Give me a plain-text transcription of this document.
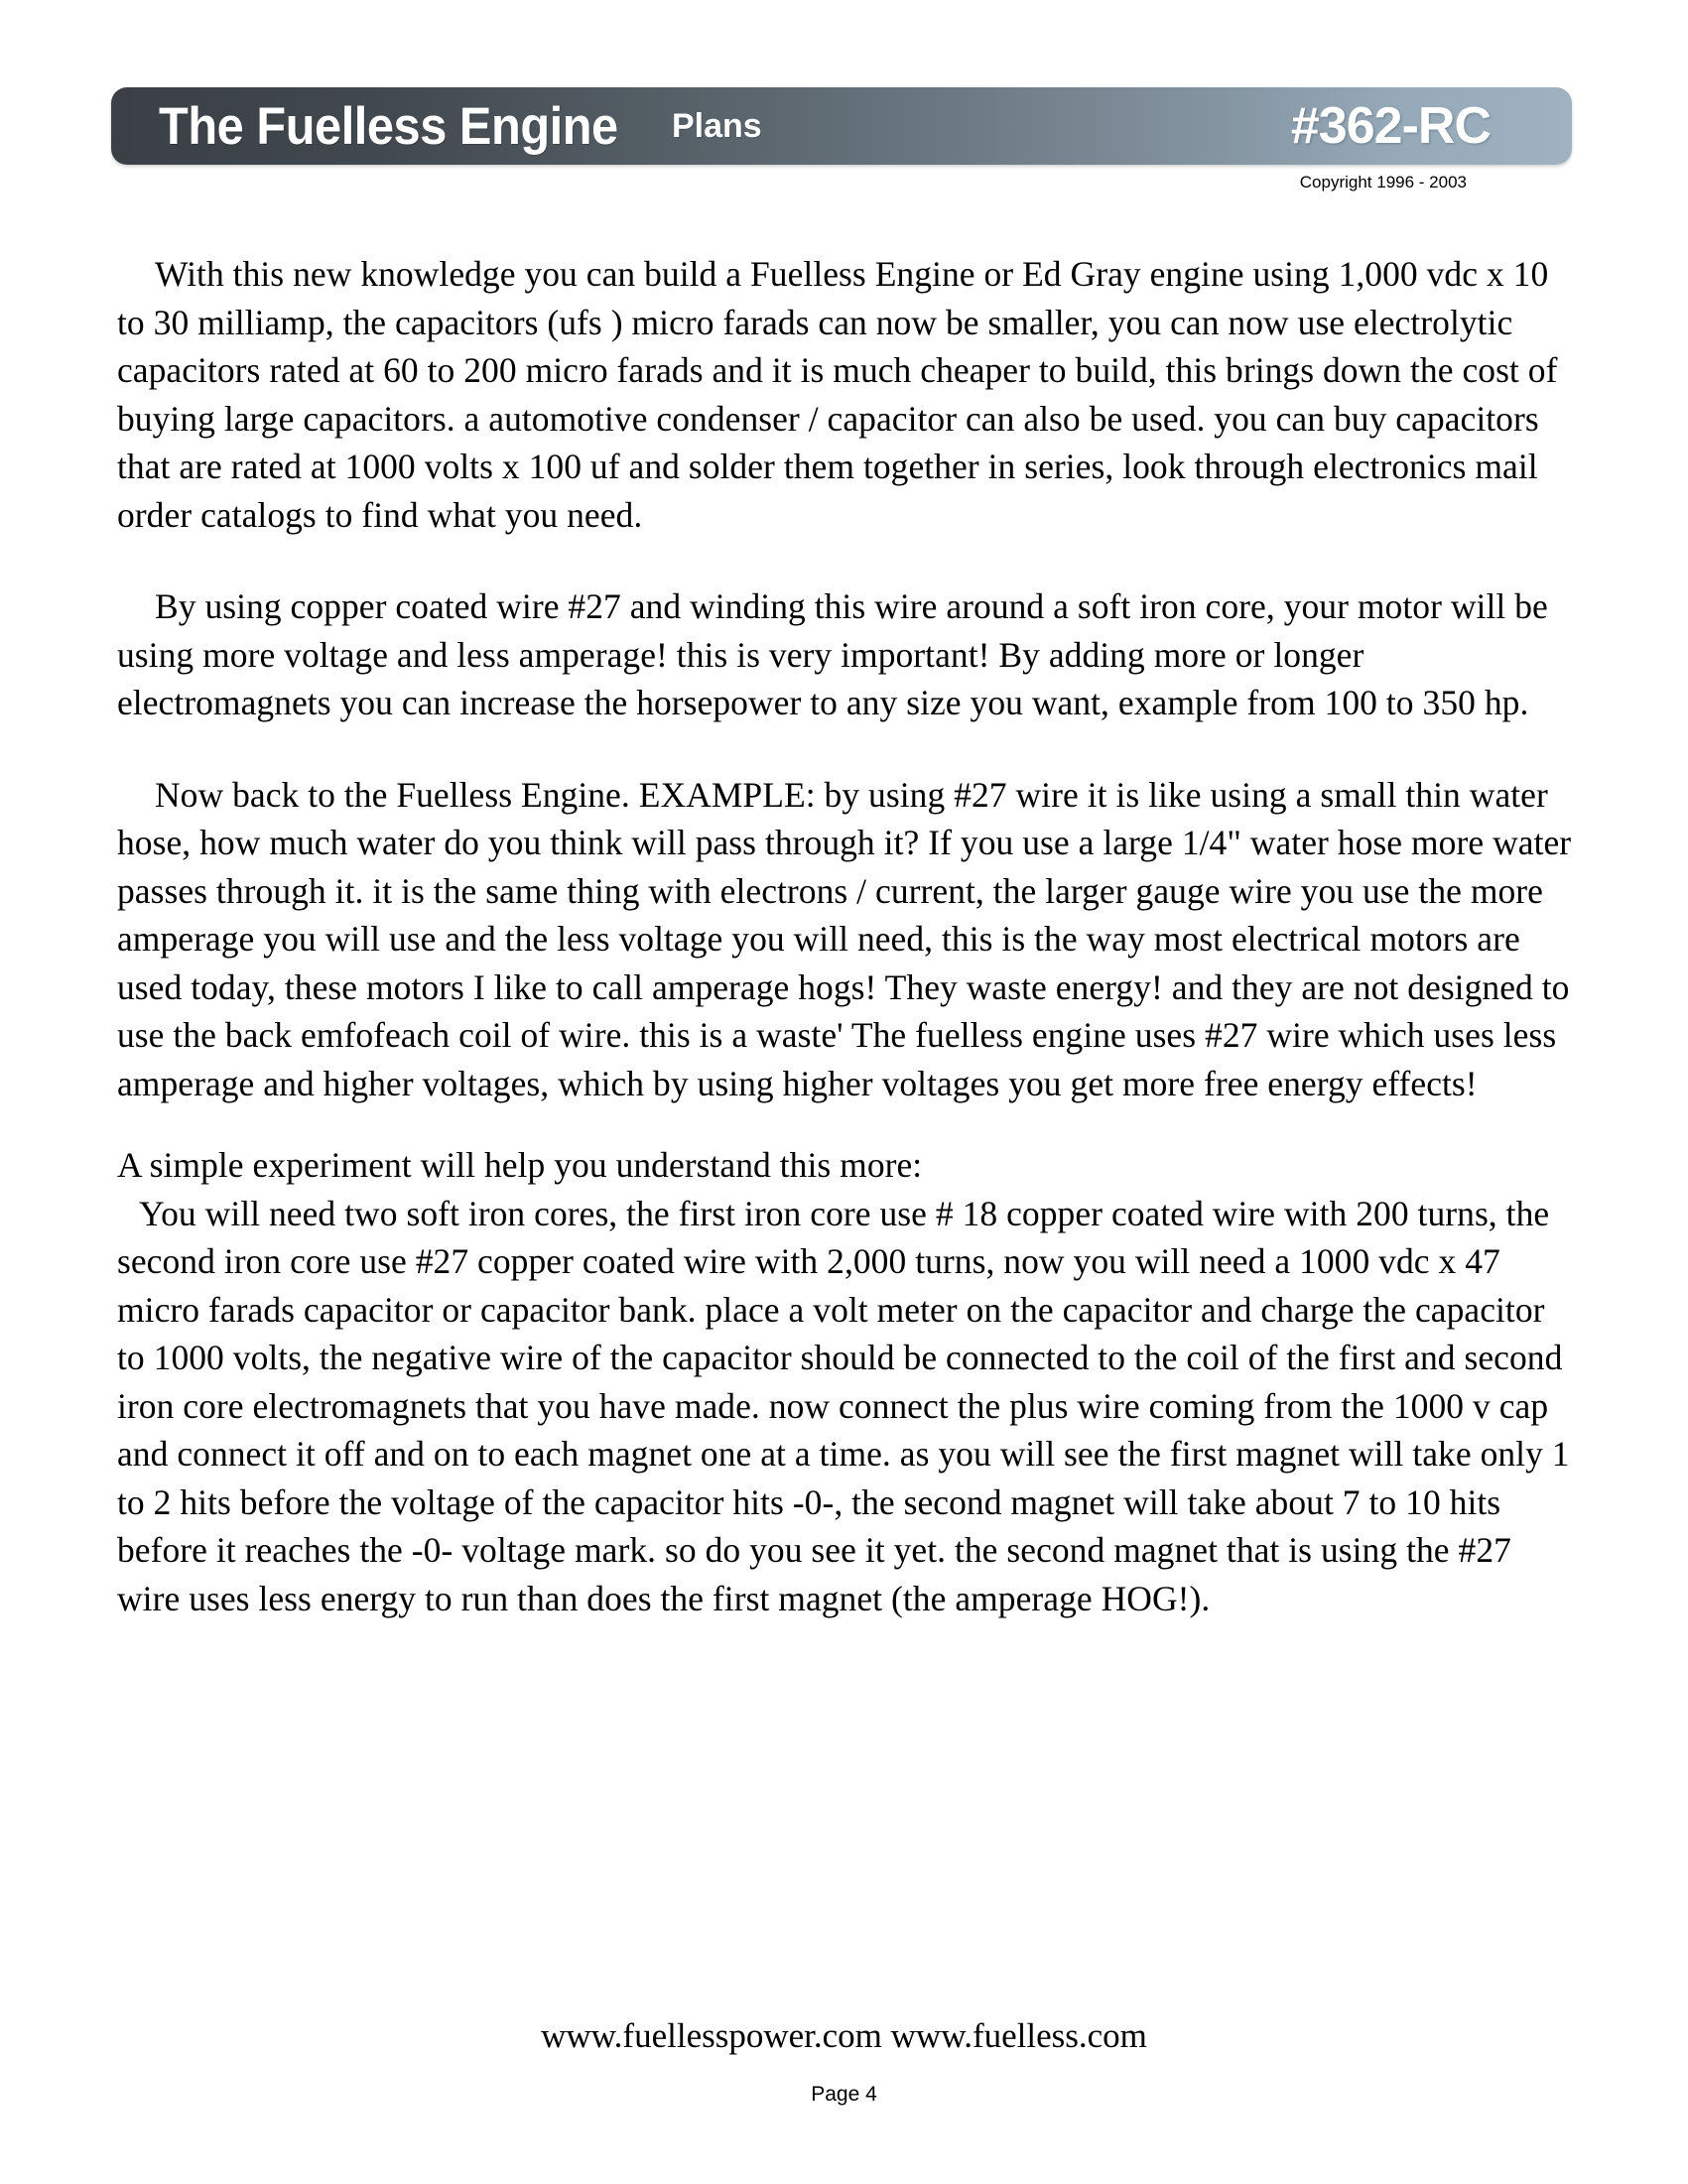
The Fuelless Engine Plans	#362-RC
Copyright 1996 - 2003

With this new knowledge you can build a Fuelless Engine or Ed Gray engine using 1,000 vdc x 10 to 30 milliamp, the capacitors (ufs ) micro farads can now be smaller, you can now use electrolytic capacitors rated at 60 to 200 micro farads and it is much cheaper to build, this brings down the cost of buying large capacitors. a automotive condenser / capacitor can also be used. you can buy capacitors that are rated at 1000 volts x 100 uf and solder them together in series, look through electronics mail order catalogs to find what you need.

By using copper coated wire #27 and winding this wire around a soft iron core, your motor will be using more voltage and less amperage! this is very important! By adding more or longer electromagnets you can increase the horsepower to any size you want, example from 100 to 350 hp.

Now back to the Fuelless Engine. EXAMPLE: by using #27 wire it is like using a small thin water hose, how much water do you think will pass through it? If you use a large 1/4" water hose more water passes through it. it is the same thing with electrons / current, the larger gauge wire you use the more amperage you will use and the less voltage you will need, this is the way most electrical motors are used today, these motors I like to call amperage hogs! They waste energy! and they are not designed to use the back emfofeach coil of wire. this is a waste' The fuelless engine uses #27 wire which uses less amperage and higher voltages, which by using higher voltages you get more free energy effects!

A simple experiment will help you understand this more:

You will need two soft iron cores, the first iron core use # 18 copper coated wire with 200 turns, the second iron core use #27 copper coated wire with 2,000 turns, now you will need a 1000 vdc x 47 micro farads capacitor or capacitor bank. place a volt meter on the capacitor and charge the capacitor to 1000 volts, the negative wire of the capacitor should be connected to the coil of the first and second iron core electromagnets that you have made. now connect the plus wire coming from the 1000 v cap and connect it off and on to each magnet one at a time. as you will see the first magnet will take only 1 to 2 hits before the voltage of the capacitor hits -0-, the second magnet will take about 7 to 10 hits before it reaches the -0- voltage mark. so do you see it yet. the second magnet that is using the #27 wire uses less energy to run than does the first magnet (the amperage HOG!).

www.fuellesspower.com www.fuelless.com
Page 4
